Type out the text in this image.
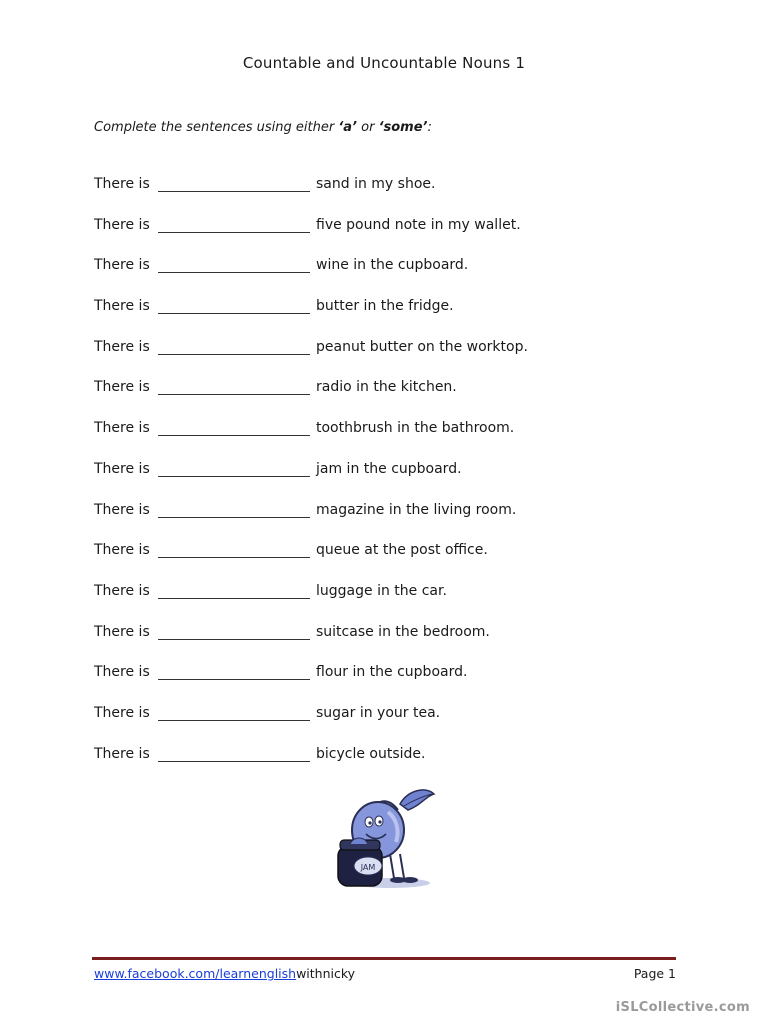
Countable and Uncountable Nouns 1
Complete the sentences using either ‘a’ or ‘some’:
There is	sand in my shoe.
There is	five pound note in my wallet.
There is	wine in the cupboard.
There is	butter in the fridge.
There is	peanut butter on the worktop.
There is	radio in the kitchen.
There is	toothbrush in the bathroom.
There is	jam in the cupboard.
There is	magazine in the living room.
There is	queue at the post office.
There is	luggage in the car.
There is	suitcase in the bedroom.
There is	flour in the cupboard.
There is	sugar in your tea.
There is	bicycle outside.
JAM
www.facebook.com/learnenglishwithnicky	Page 1
iSLCollective.com
